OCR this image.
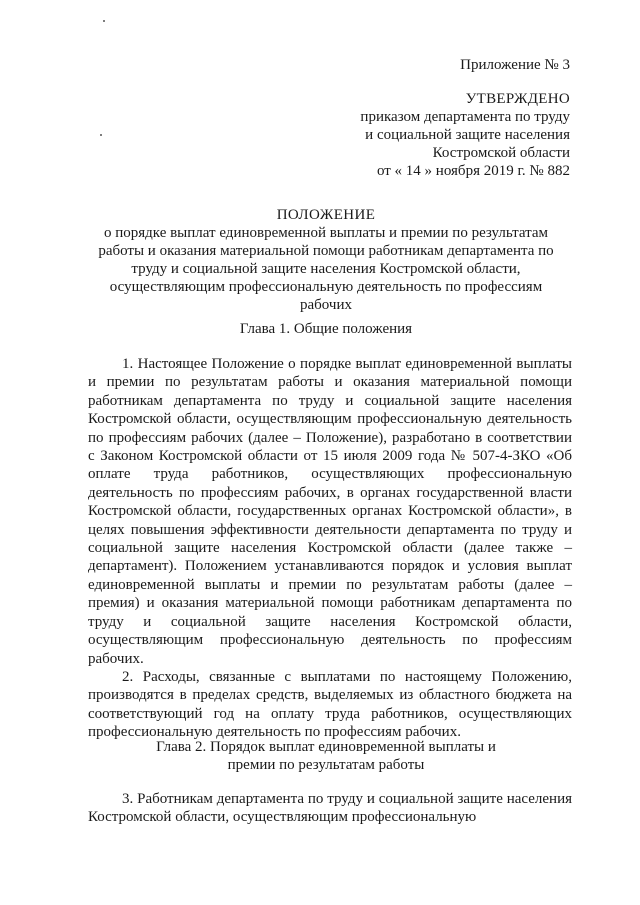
Приложение № 3
УТВЕРЖДЕНО
приказом департамента по труду
и социальной защите населения
Костромской области
от « 14 » ноября 2019 г. № 882
ПОЛОЖЕНИЕ
о порядке выплат единовременной выплаты и премии по результатам
работы и оказания материальной помощи работникам департамента по
труду и социальной защите населения Костромской области,
осуществляющим профессиональную деятельность по профессиям
рабочих
Глава 1. Общие положения

1. Настоящее Положение о порядке выплат единовременной выплаты и премии по результатам работы и оказания материальной помощи работникам департамента по труду и социальной защите населения Костромской области, осуществляющим профессиональную деятельность по профессиям рабочих (далее – Положение), разработано в соответствии с Законом Костромской области от 15 июля 2009 года № 507-4-ЗКО «Об оплате труда работников, осуществляющих профессиональную деятельность по профессиям рабочих, в органах государственной власти Костромской области, государственных органах Костромской области», в целях повышения эффективности деятельности департамента по труду и социальной защите населения Костромской области (далее также – департамент). Положением устанавливаются порядок и условия выплат единовременной выплаты и премии по результатам работы (далее – премия) и оказания материальной помощи работникам департамента по труду и социальной защите населения Костромской области, осуществляющим профессиональную деятельность по профессиям рабочих.

2. Расходы, связанные с выплатами по настоящему Положению, производятся в пределах средств, выделяемых из областного бюджета на соответствующий год на оплату труда работников, осуществляющих профессиональную деятельность по профессиям рабочих.

Глава 2. Порядок выплат единовременной выплаты и
премии по результатам работы

3. Работникам департамента по труду и социальной защите населения Костромской области, осуществляющим профессиональную
